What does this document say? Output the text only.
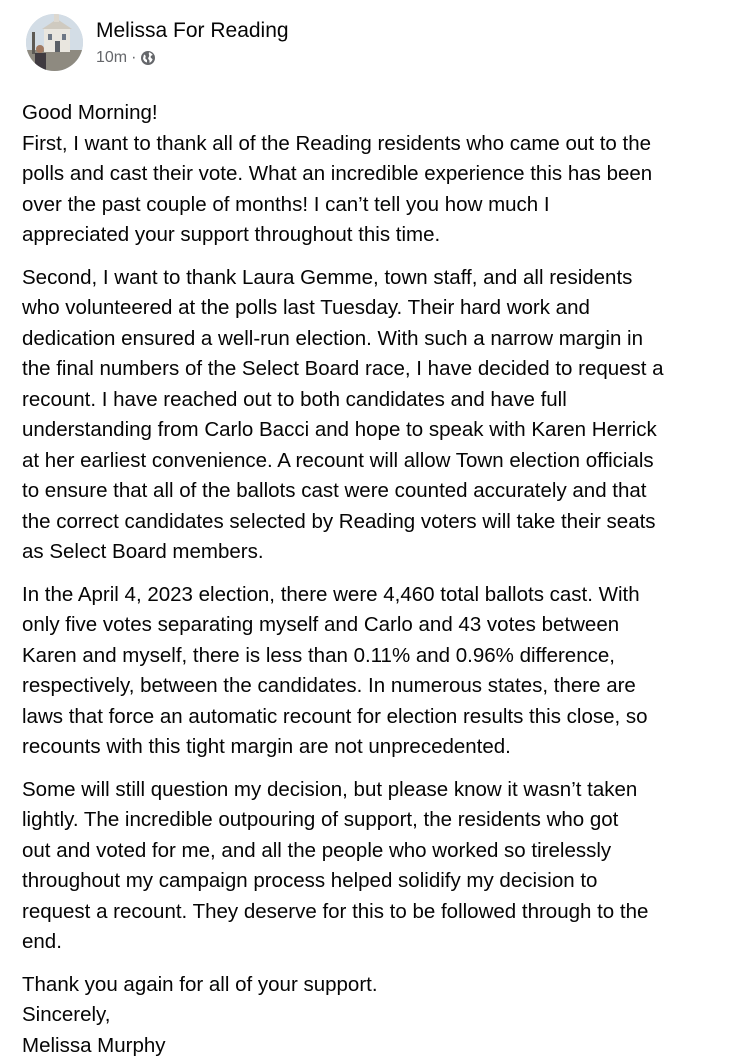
Melissa For Reading
10m ·
Good Morning!
First, I want to thank all of the Reading residents who came out to the
polls and cast their vote. What an incredible experience this has been
over the past couple of months! I can’t tell you how much I
appreciated your support throughout this time.
Second, I want to thank Laura Gemme, town staff, and all residents
who volunteered at the polls last Tuesday. Their hard work and
dedication ensured a well-run election. With such a narrow margin in
the final numbers of the Select Board race, I have decided to request a
recount. I have reached out to both candidates and have full
understanding from Carlo Bacci and hope to speak with Karen Herrick
at her earliest convenience. A recount will allow Town election officials
to ensure that all of the ballots cast were counted accurately and that
the correct candidates selected by Reading voters will take their seats
as Select Board members.
In the April 4, 2023 election, there were 4,460 total ballots cast. With
only five votes separating myself and Carlo and 43 votes between
Karen and myself, there is less than 0.11% and 0.96% difference,
respectively, between the candidates. In numerous states, there are
laws that force an automatic recount for election results this close, so
recounts with this tight margin are not unprecedented.
Some will still question my decision, but please know it wasn’t taken
lightly. The incredible outpouring of support, the residents who got
out and voted for me, and all the people who worked so tirelessly
throughout my campaign process helped solidify my decision to
request a recount. They deserve for this to be followed through to the
end.
Thank you again for all of your support.
Sincerely,
Melissa Murphy
